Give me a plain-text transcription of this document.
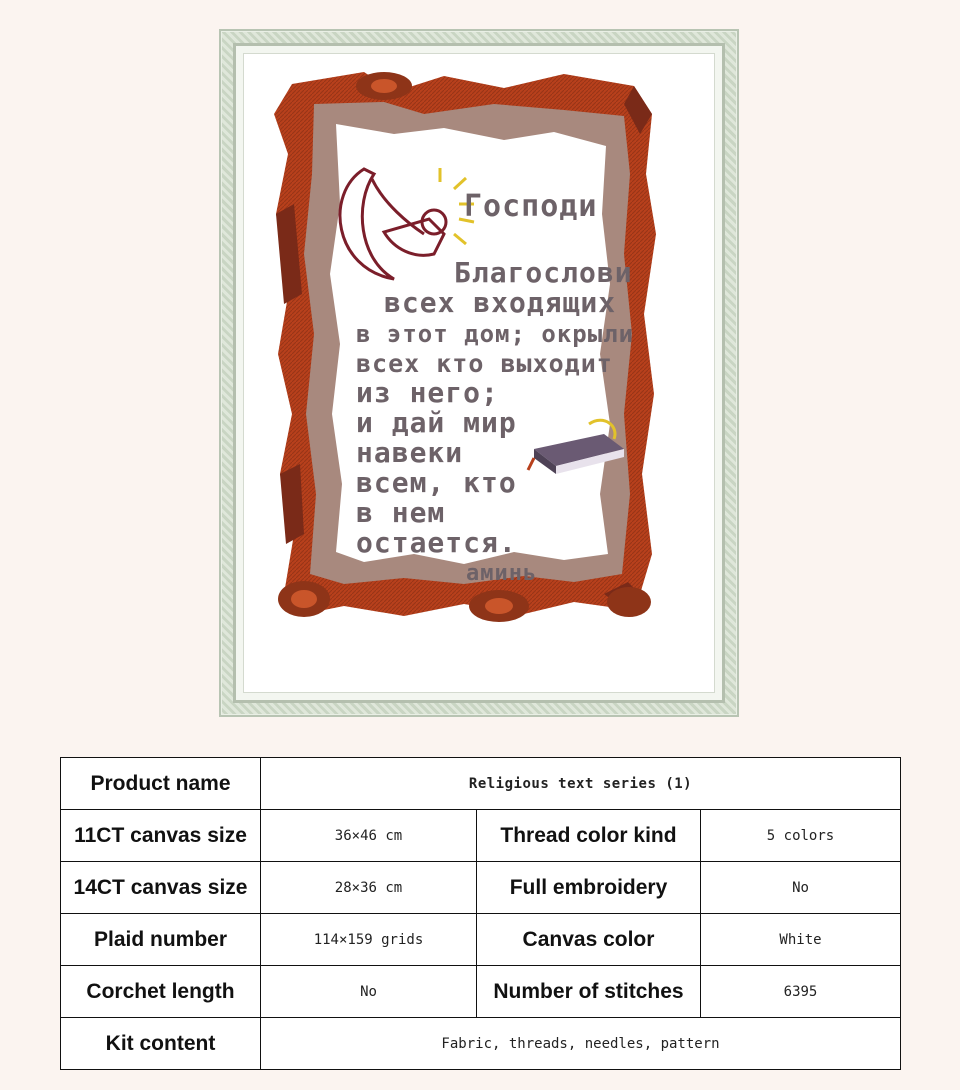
Господи
Благослови
всех входящих
в этот дом; окрыли
всех кто выходит
из него;
и дай мир
навеки
всем, кто
в нем
остается.
аминь
Product name	Religious text series (1)		
11CT canvas size	36×46 cm	Thread color kind	5 colors
14CT canvas size	28×36 cm	Full embroidery	No
Plaid number	114×159 grids	Canvas color	White
Corchet length	No	Number of stitches	6395
Kit content	Fabric, threads, needles, pattern		
